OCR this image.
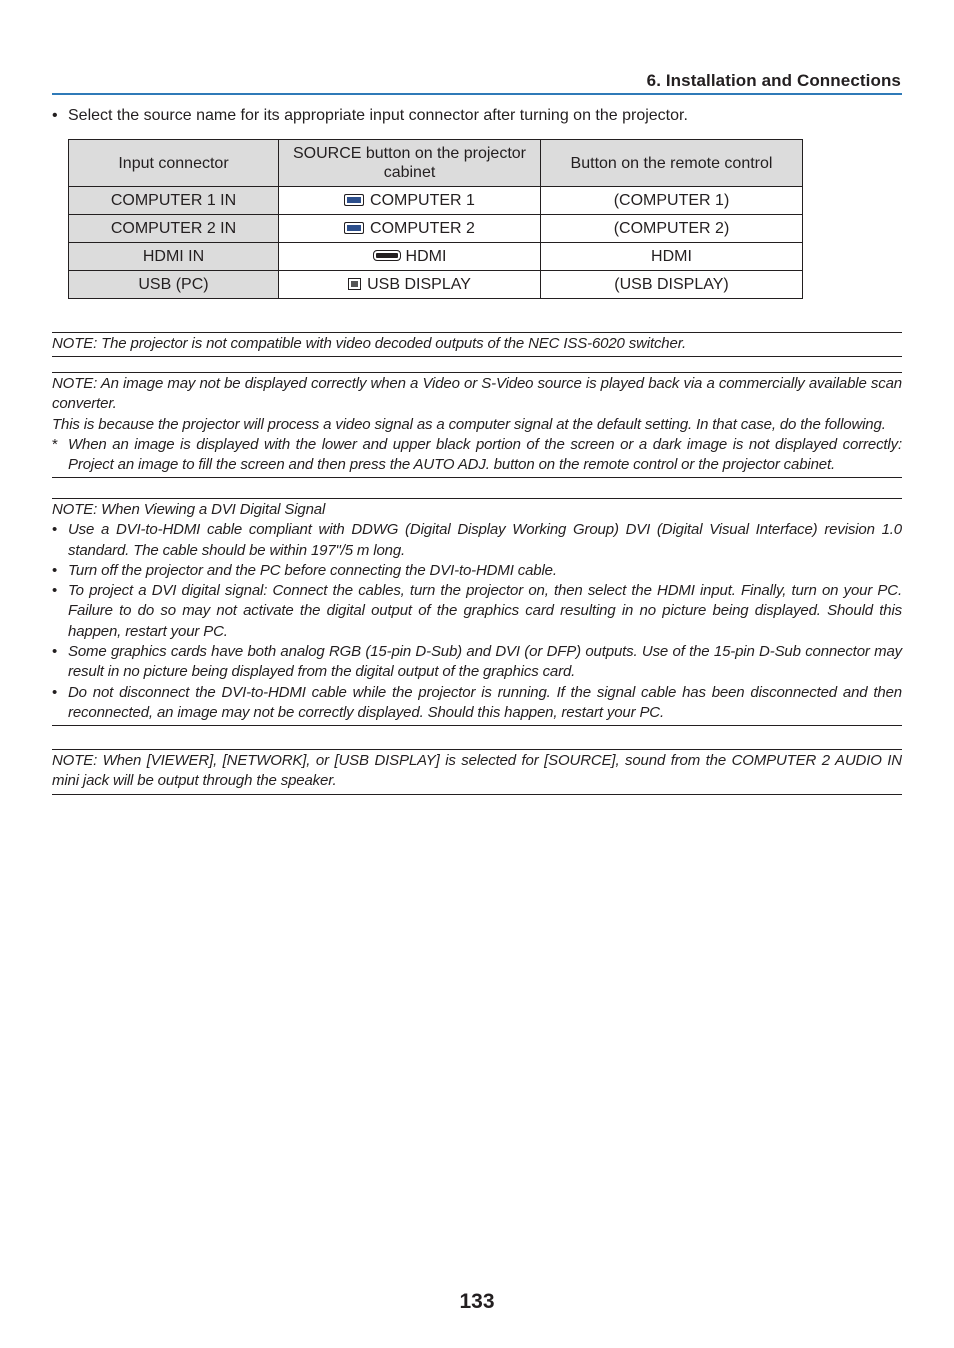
6. Installation and Connections
• Select the source name for its appropriate input connector after turning on the projector.
Input connector	SOURCE button on the projector cabinet	Button on the remote control
COMPUTER 1 IN	COMPUTER 1	(COMPUTER 1)
COMPUTER 2 IN	COMPUTER 2	(COMPUTER 2)
HDMI IN	HDMI	HDMI
USB (PC)	USB DISPLAY	(USB DISPLAY)

NOTE: The projector is not compatible with video decoded outputs of the NEC ISS-6020 switcher.

NOTE: An image may not be displayed correctly when a Video or S-Video source is played back via a commercially available scan converter.

This is because the projector will process a video signal as a computer signal at the default setting. In that case, do the following.

* When an image is displayed with the lower and upper black portion of the screen or a dark image is not displayed correctly: Project an image to fill the screen and then press the AUTO ADJ. button on the remote control or the projector cabinet.

NOTE: When Viewing a DVI Digital Signal

• Use a DVI-to-HDMI cable compliant with DDWG (Digital Display Working Group) DVI (Digital Visual Interface) revision 1.0 standard. The cable should be within 197"/5 m long.
• Turn off the projector and the PC before connecting the DVI-to-HDMI cable.
• To project a DVI digital signal: Connect the cables, turn the projector on, then select the HDMI input. Finally, turn on your PC. Failure to do so may not activate the digital output of the graphics card resulting in no picture being displayed. Should this happen, restart your PC.
• Some graphics cards have both analog RGB (15-pin D-Sub) and DVI (or DFP) outputs. Use of the 15-pin D-Sub connector may result in no picture being displayed from the digital output of the graphics card.
• Do not disconnect the DVI-to-HDMI cable while the projector is running. If the signal cable has been disconnected and then reconnected, an image may not be correctly displayed. Should this happen, restart your PC.

NOTE: When [VIEWER], [NETWORK], or [USB DISPLAY] is selected for [SOURCE], sound from the COMPUTER 2 AUDIO IN mini jack will be output through the speaker.

133
